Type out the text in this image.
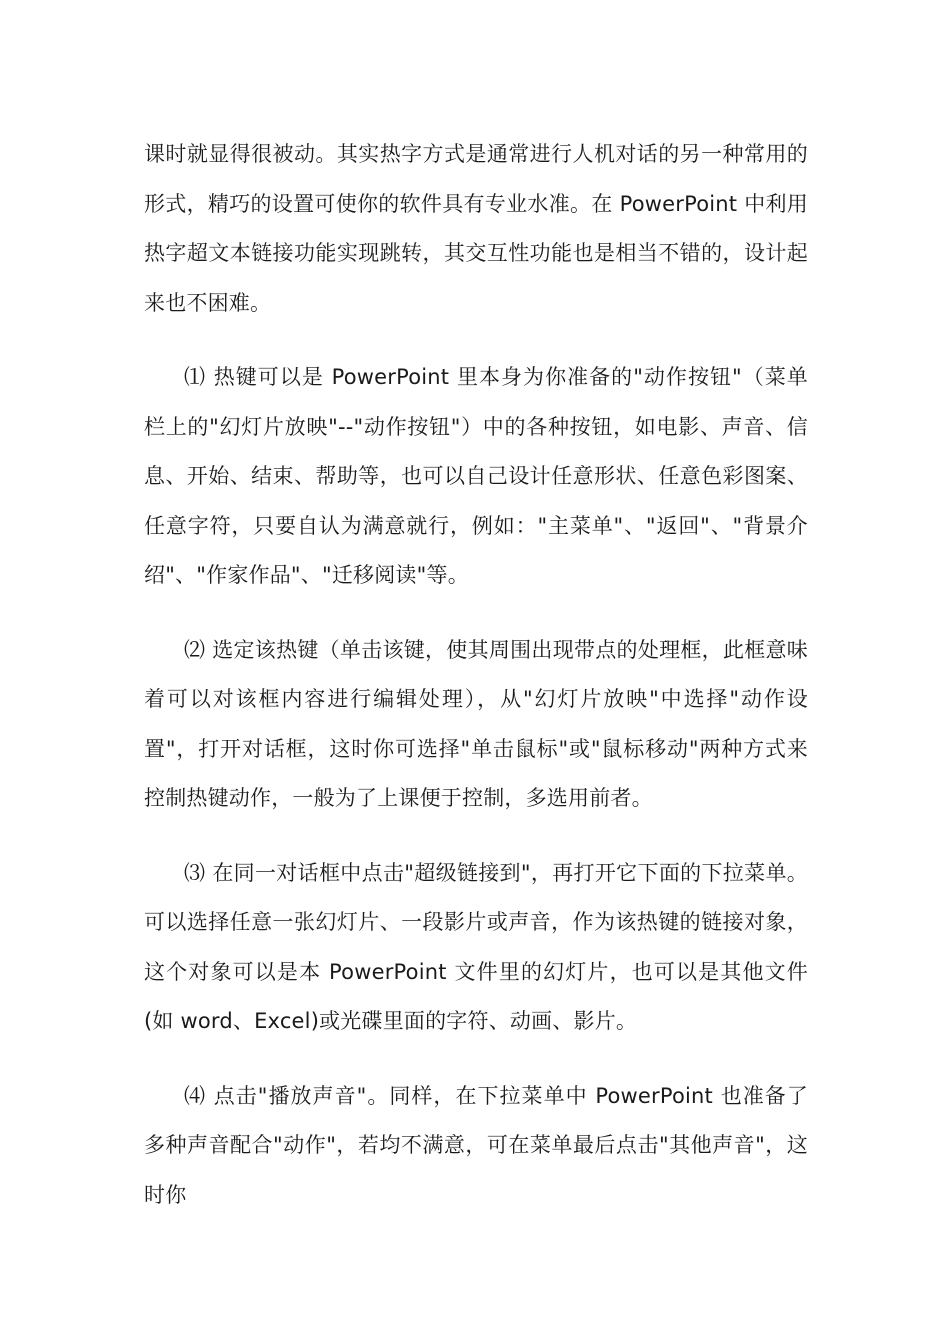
课时就显得很被动。其实热字方式是通常进行人机对话的另一种常用的形式，精巧的设置可使你的软件具有专业水准。在 PowerPoint 中利用热字超文本链接功能实现跳转，其交互性功能也是相当不错的，设计起来也不困难。

⑴ 热键可以是 PowerPoint 里本身为你准备的"动作按钮"（菜单栏上的"幻灯片放映"--"动作按钮"）中的各种按钮，如电影、声音、信息、开始、结束、帮助等，也可以自己设计任意形状、任意色彩图案、任意字符，只要自认为满意就行，例如："主菜单"、"返回"、"背景介绍"、"作家作品"、"迁移阅读"等。

⑵ 选定该热键（单击该键，使其周围出现带点的处理框，此框意味着可以对该框内容进行编辑处理），从"幻灯片放映"中选择"动作设置"，打开对话框，这时你可选择"单击鼠标"或"鼠标移动"两种方式来控制热键动作，一般为了上课便于控制，多选用前者。

⑶ 在同一对话框中点击"超级链接到"，再打开它下面的下拉菜单。可以选择任意一张幻灯片、一段影片或声音，作为该热键的链接对象，这个对象可以是本 PowerPoint 文件里的幻灯片，也可以是其他文件(如 word、Excel)或光碟里面的字符、动画、影片。

⑷ 点击"播放声音"。同样，在下拉菜单中 PowerPoint 也准备了多种声音配合"动作"，若均不满意，可在菜单最后点击"其他声音"，这时你
